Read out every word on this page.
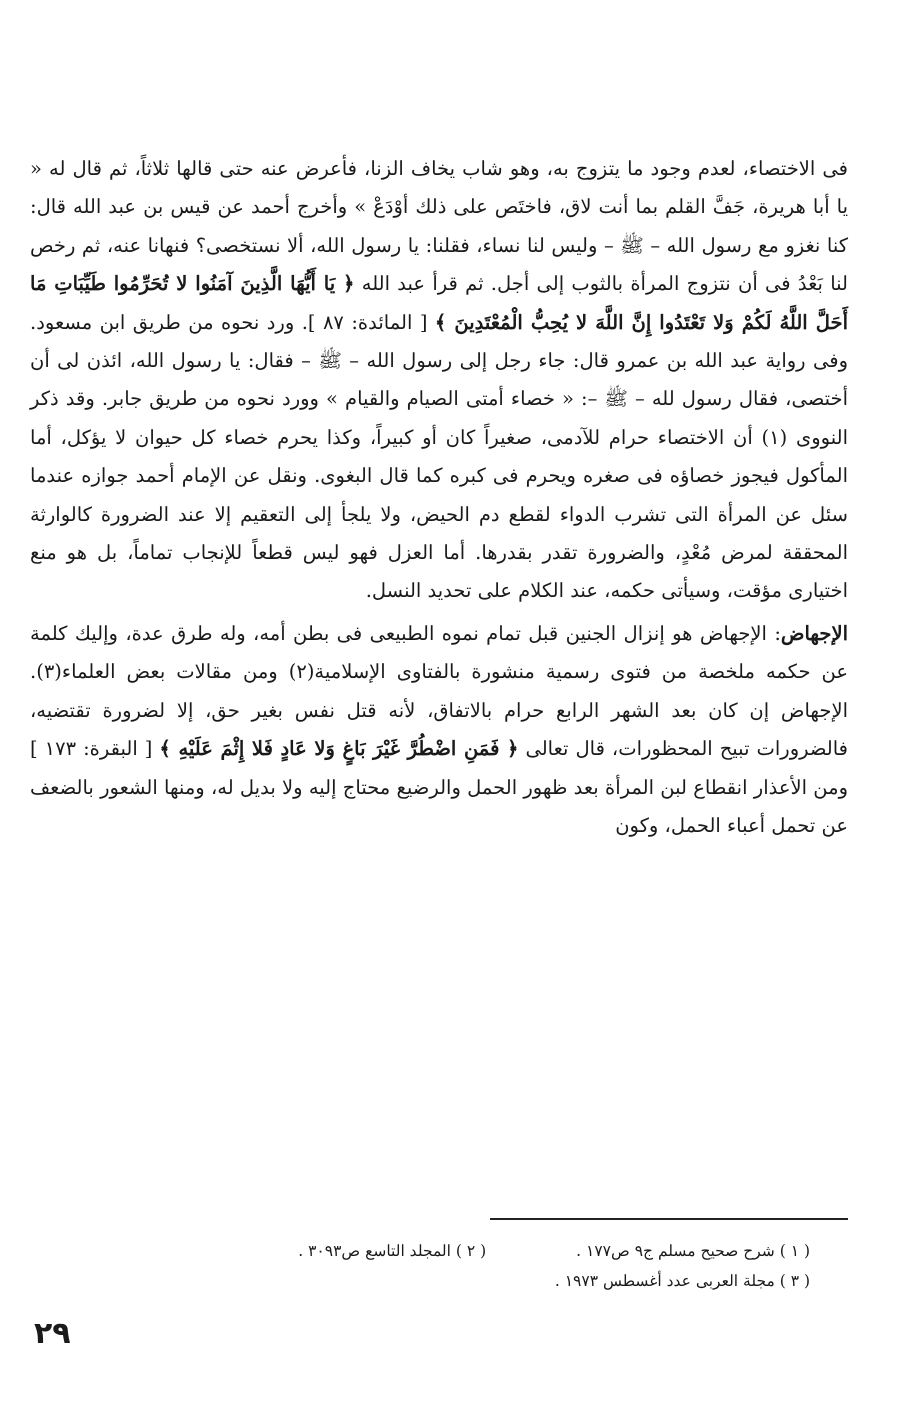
فى الاختصاء، لعدم وجود ما يتزوج به، وهو شاب يخاف الزنا، فأعرض عنه حتى قالها ثلاثاً، ثم قال له « يا أبا هريرة، جَفَّ القلم بما أنت لاق، فاختَص على ذلك أوْدَعْ » وأخرج أحمد عن قيس بن عبد الله قال: كنا نغزو مع رسول الله – ﷺ – وليس لنا نساء، فقلنا: يا رسول الله، ألا نستخصى؟ فنهانا عنه، ثم رخص لنا بَعْدُ فى أن نتزوج المرأة بالثوب إلى أجل. ثم قرأ عبد الله ﴿ يَا أَيُّهَا الَّذِينَ آمَنُوا لا تُحَرِّمُوا طَيِّبَاتِ مَا أَحَلَّ اللَّهُ لَكُمْ وَلا تَعْتَدُوا إِنَّ اللَّهَ لا يُحِبُّ الْمُعْتَدِينَ ﴾ [ المائدة: ٨٧ ]. ورد نحوه من طريق ابن مسعود. وفى رواية عبد الله بن عمرو قال: جاء رجل إلى رسول الله – ﷺ – فقال: يا رسول الله، ائذن لى أن أختصى، فقال رسول لله – ﷺ –: « خصاء أمتى الصيام والقيام » وورد نحوه من طريق جابر. وقد ذكر النووى (١) أن الاختصاء حرام للآدمى، صغيراً كان أو كبيراً، وكذا يحرم خصاء كل حيوان لا يؤكل، أما المأكول فيجوز خصاؤه فى صغره ويحرم فى كبره كما قال البغوى. ونقل عن الإمام أحمد جوازه عندما سئل عن المرأة التى تشرب الدواء لقطع دم الحيض، ولا يلجأ إلى التعقيم إلا عند الضرورة كالوارثة المحققة لمرض مُعْدٍ، والضرورة تقدر بقدرها. أما العزل فهو ليس قطعاً للإنجاب تماماً، بل هو منع اختيارى مؤقت، وسيأتى حكمه، عند الكلام على تحديد النسل.

الإجهاض: الإجهاض هو إنزال الجنين قبل تمام نموه الطبيعى فى بطن أمه، وله طرق عدة، وإليك كلمة عن حكمه ملخصة من فتوى رسمية منشورة بالفتاوى الإسلامية(٢) ومن مقالات بعض العلماء(٣). الإجهاض إن كان بعد الشهر الرابع حرام بالاتفاق، لأنه قتل نفس بغير حق، إلا لضرورة تقتضيه، فالضرورات تبيح المحظورات، قال تعالى ﴿ فَمَنِ اضْطُرَّ غَيْرَ بَاغٍ وَلا عَادٍ فَلا إِثْمَ عَلَيْهِ ﴾ [ البقرة: ١٧٣ ] ومن الأعذار انقطاع لبن المرأة بعد ظهور الحمل والرضيع محتاج إليه ولا بديل له، ومنها الشعور بالضعف عن تحمل أعباء الحمل، وكون

( ١ ) شرح صحيح مسلم ج٩ ص١٧٧ .
( ٢ ) المجلد التاسع ص٣٠٩٣ .
( ٣ ) مجلة العربى عدد أغسطس ١٩٧٣ .
٢٩
